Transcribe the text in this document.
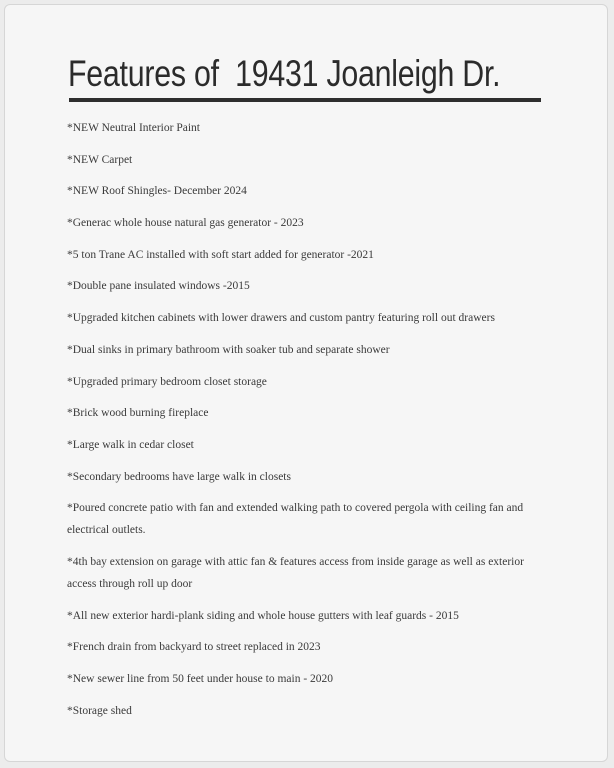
Features of  19431 Joanleigh Dr.
*NEW Neutral Interior Paint
*NEW Carpet
*NEW Roof Shingles- December 2024
*Generac whole house natural gas generator - 2023
*5 ton Trane AC installed with soft start added for generator -2021
*Double pane insulated windows -2015
*Upgraded kitchen cabinets with lower drawers and custom pantry featuring roll out drawers
*Dual sinks in primary bathroom with soaker tub and separate shower
*Upgraded primary bedroom closet storage
*Brick wood burning fireplace
*Large walk in cedar closet
*Secondary bedrooms have large walk in closets
*Poured concrete patio with fan and extended walking path to covered pergola with ceiling fan and electrical outlets.
*4th bay extension on garage with attic fan & features access from inside garage as well as exterior access through roll up door
*All new exterior hardi-plank siding and whole house gutters with leaf guards - 2015
*French drain from backyard to street replaced in 2023
*New sewer line from 50 feet under house to main - 2020
*Storage shed
